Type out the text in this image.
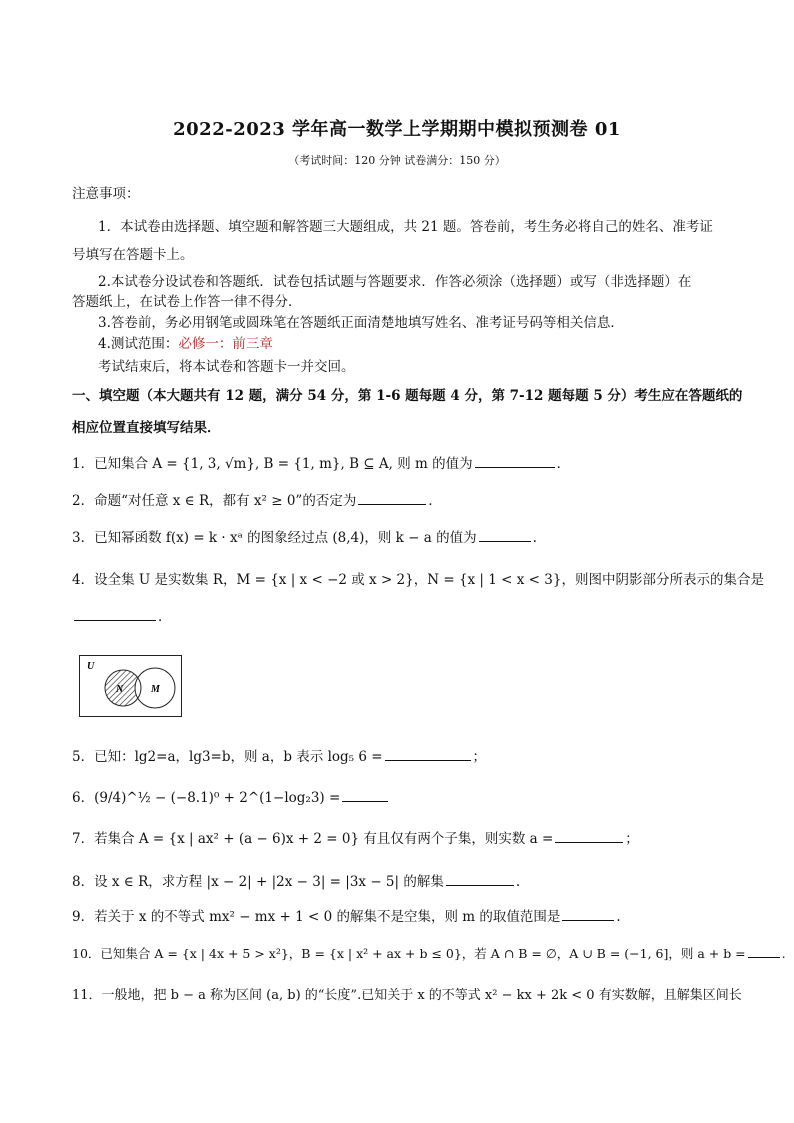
2022-2023 学年高一数学上学期期中模拟预测卷 01
（考试时间：120 分钟 试卷满分：150 分）
注意事项：
1．本试卷由选择题、填空题和解答题三大题组成，共 21 题。答卷前，考生务必将自己的姓名、准考证
号填写在答题卡上。
2.本试卷分设试卷和答题纸．试卷包括试题与答题要求．作答必须涂（选择题）或写（非选择题）在
答题纸上，在试卷上作答一律不得分．
3.答卷前，务必用钢笔或圆珠笔在答题纸正面清楚地填写姓名、准考证号码等相关信息．
4.测试范围：必修一：前三章
考试结束后，将本试卷和答题卡一并交回。
一、填空题（本大题共有 12 题，满分 54 分，第 1-6 题每题 4 分，第 7-12 题每题 5 分）考生应在答题纸的
相应位置直接填写结果．
1．已知集合 A = {1, 3, √m}, B = {1, m}, B ⊆ A, 则 m 的值为	．
2．命题“对任意 x ∈ R，都有 x² ≥ 0”的否定为	．
3．已知幂函数 f(x) = k · xᵃ 的图象经过点 (8,4)，则 k − a 的值为	.
4．设全集 U 是实数集 R，M = {x | x < −2 或 x > 2}，N = {x | 1 < x < 3}，则图中阴影部分所表示的集合是
．
U
N	M
5．已知：lg2=a，lg3=b，则 a，b 表示 log₅ 6 =	；
6．(9/4)^½ − (−8.1)⁰ + 2^(1−log₂3) =
7．若集合 A = {x | ax² + (a − 6)x + 2 = 0} 有且仅有两个子集，则实数 a =	；
8．设 x ∈ R，求方程 |x − 2| + |2x − 3| = |3x − 5| 的解集	.
9．若关于 x 的不等式 mx² − mx + 1 < 0 的解集不是空集，则 m 的取值范围是	.
10．已知集合 A = {x | 4x + 5 > x²}，B = {x | x² + ax + b ≤ 0}，若 A ∩ B = ∅，A ∪ B = (−1, 6]，则 a + b =	.
11．一般地，把 b − a 称为区间 (a, b) 的“长度”.已知关于 x 的不等式 x² − kx + 2k < 0 有实数解，且解集区间长
